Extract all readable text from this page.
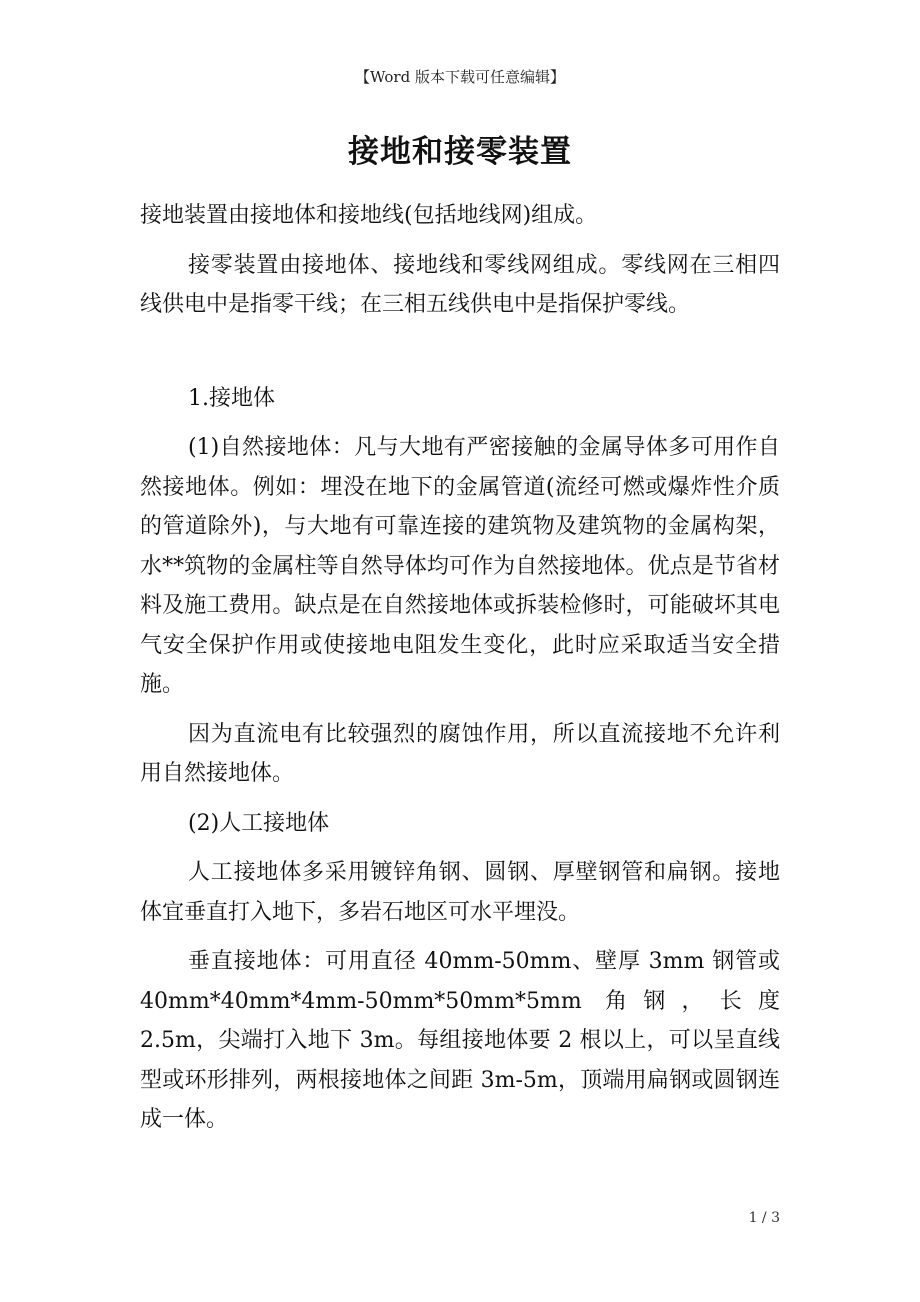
【Word 版本下载可任意编辑】
接地和接零装置

接地装置由接地体和接地线(包括地线网)组成。

接零装置由接地体、接地线和零线网组成。零线网在三相四线供电中是指零干线；在三相五线供电中是指保护零线。

1.接地体

(1)自然接地体：凡与大地有严密接触的金属导体多可用作自然接地体。例如：埋没在地下的金属管道(流经可燃或爆炸性介质的管道除外)，与大地有可靠连接的建筑物及建筑物的金属构架，水**筑物的金属柱等自然导体均可作为自然接地体。优点是节省材料及施工费用。缺点是在自然接地体或拆装检修时，可能破坏其电气安全保护作用或使接地电阻发生变化，此时应采取适当安全措施。

因为直流电有比较强烈的腐蚀作用，所以直流接地不允许利用自然接地体。

(2)人工接地体

人工接地体多采用镀锌角钢、圆钢、厚壁钢管和扁钢。接地体宜垂直打入地下，多岩石地区可水平埋没。

垂直接地体：可用直径 40mm-50mm、壁厚 3mm 钢管或 40mm*40mm*4mm-50mm*50mm*5mm 角钢，长度 2.5m，尖端打入地下 3m。每组接地体要 2 根以上，可以呈直线型或环形排列，两根接地体之间距 3m-5m，顶端用扁钢或圆钢连成一体。

1 / 3
